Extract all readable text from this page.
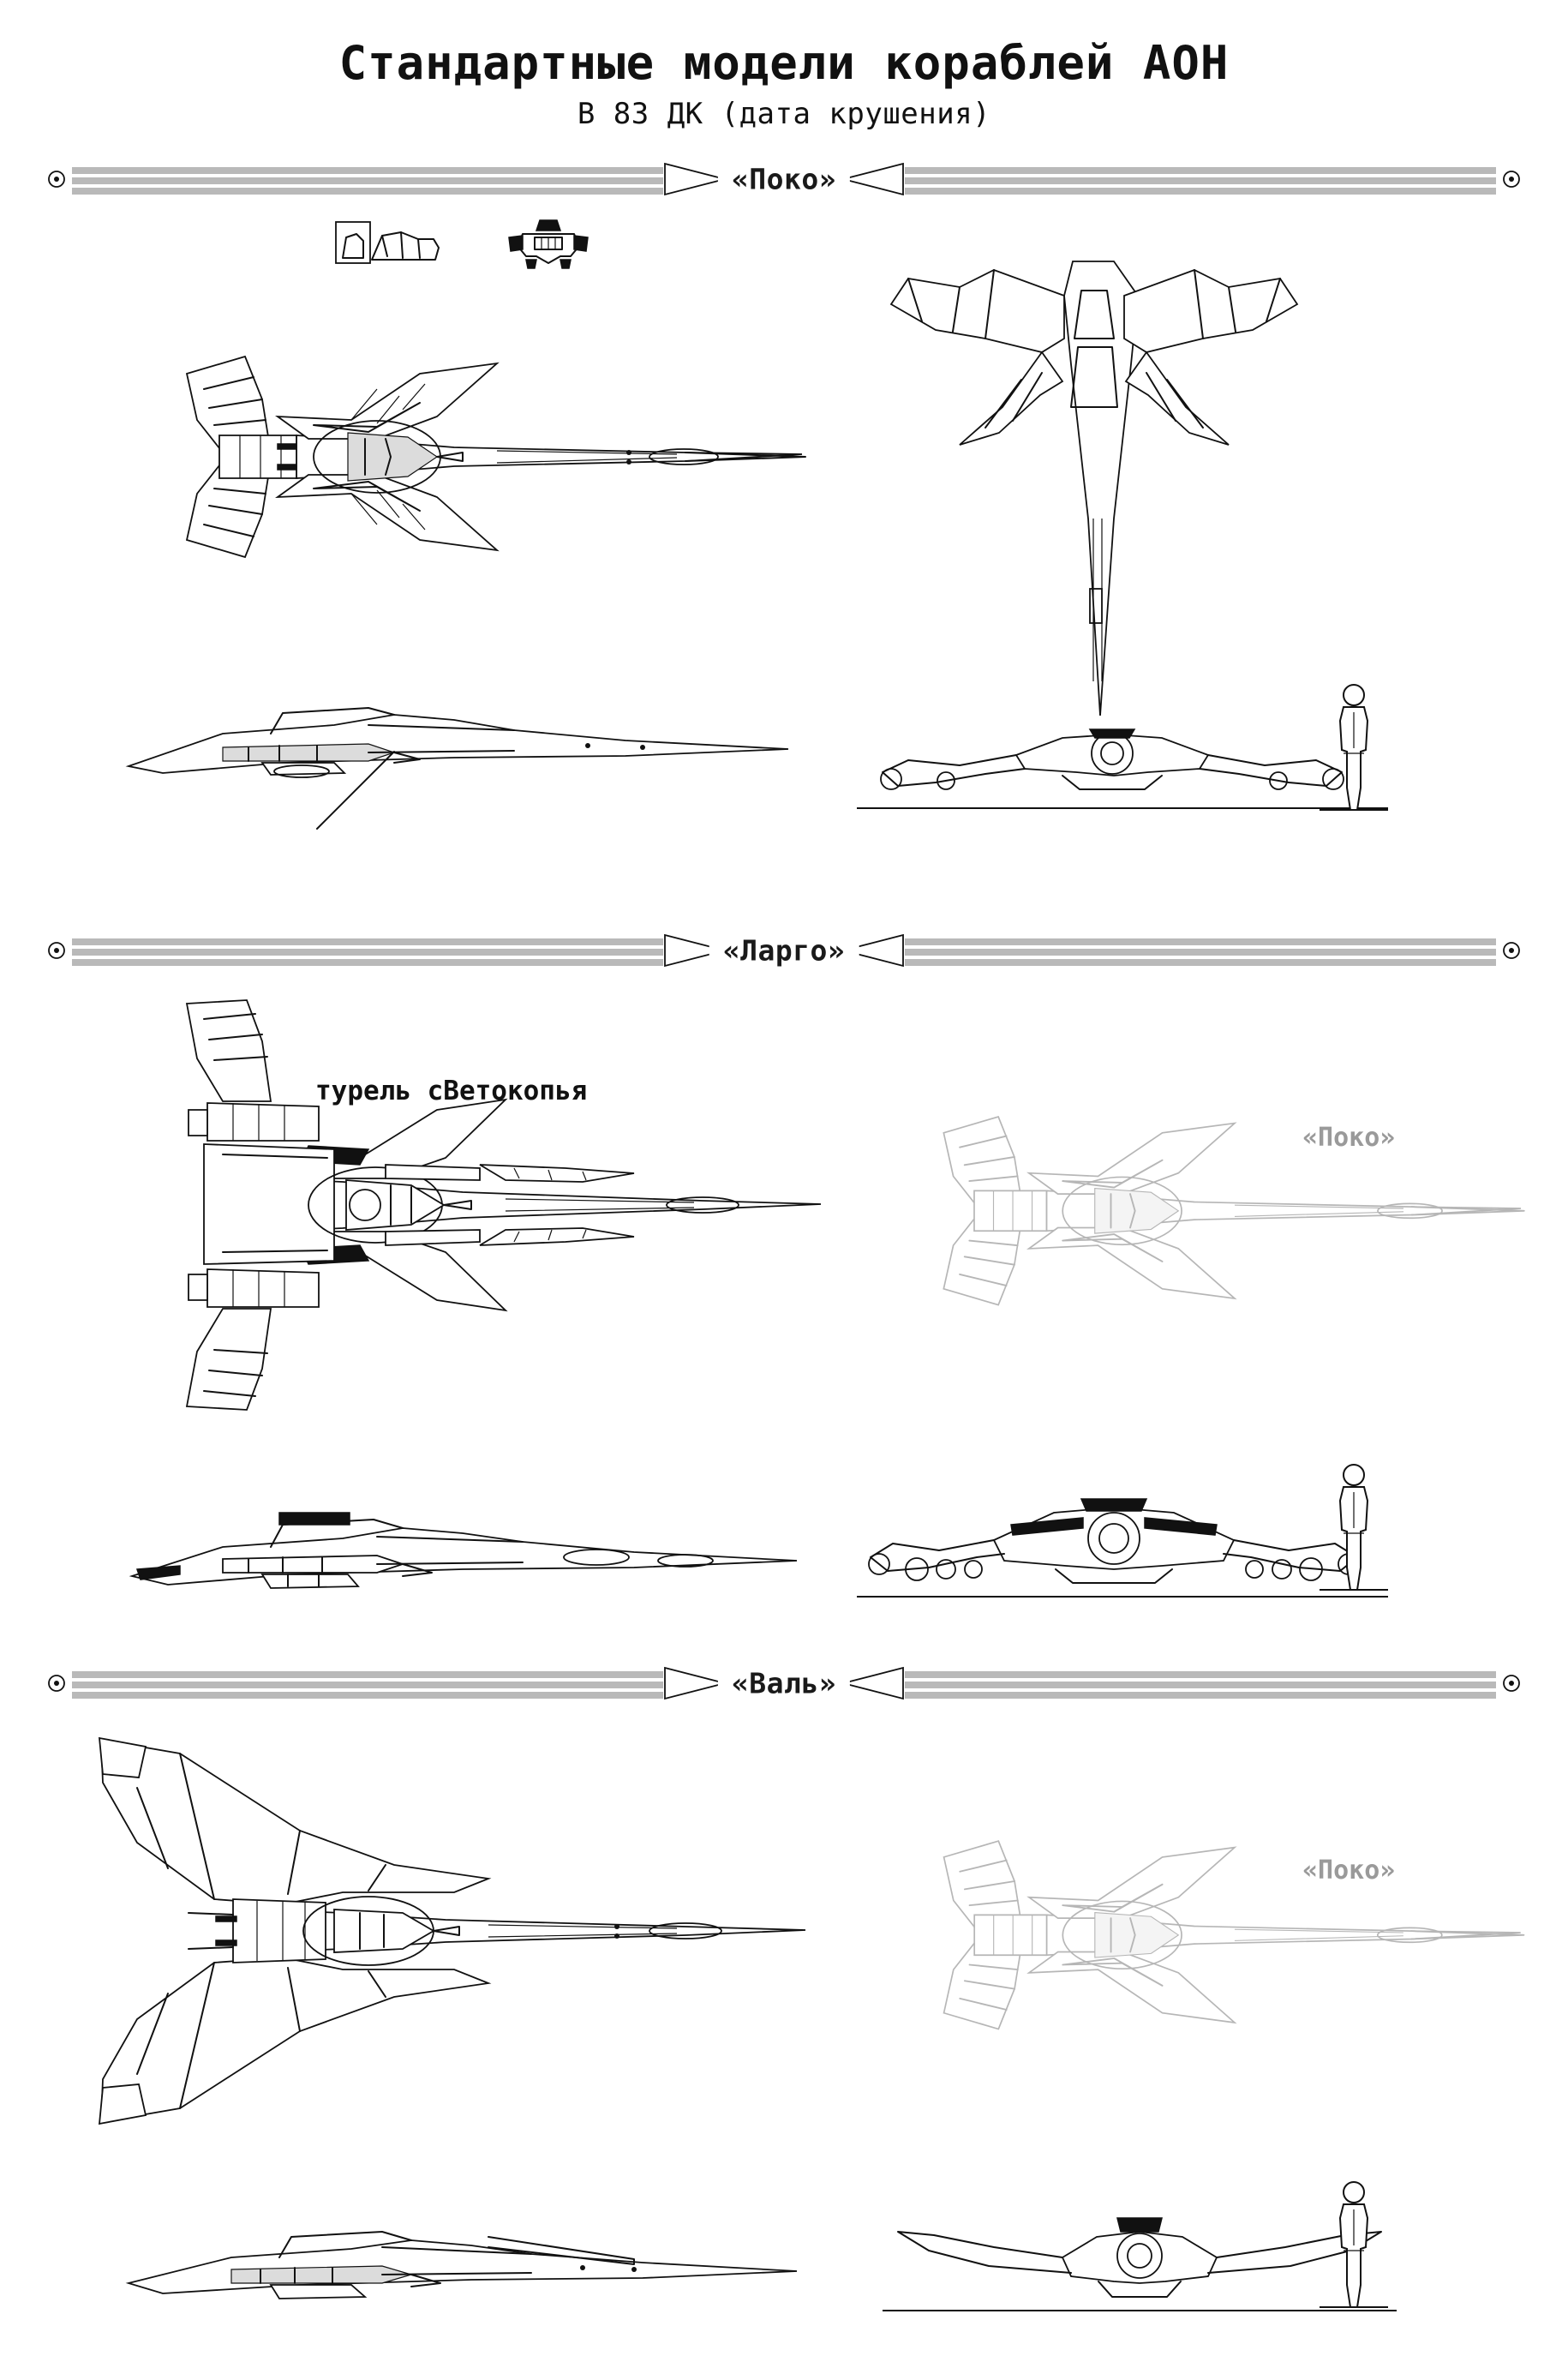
Стандартные модели кораблей АОН

В 83 ДК (дата крушения)

«Поко»
турель сВетокопья
«Ларго»
«Поко»
«Валь»
«Поко»
